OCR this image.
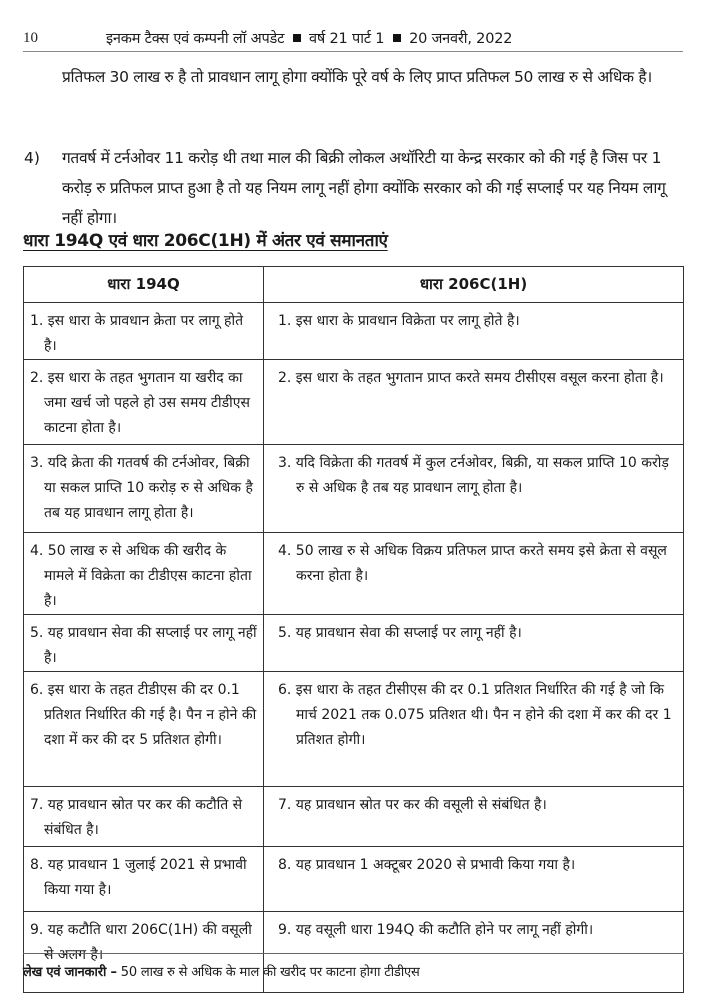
10	इनकम टैक्स एवं कम्पनी लॉ अपडेट वर्ष 21 पार्ट 1 20 जनवरी, 2022

प्रतिफल 30 लाख रु है तो प्रावधान लागू होगा क्योंकि पूरे वर्ष के लिए प्राप्त प्रतिफल 50 लाख रु से अधिक है।

4) गतवर्ष में टर्नओवर 11 करोड़ थी तथा माल की बिक्री लोकल अथॉरिटी या केन्द्र सरकार को की गई है जिस पर 1 करोड़ रु प्रतिफल प्राप्त हुआ है तो यह नियम लागू नहीं होगा क्योंकि सरकार को की गई सप्लाई पर यह नियम लागू नहीं होगा।

धारा 194Q एवं धारा 206C(1H) में अंतर एवं समानताएं
धारा 194Q	धारा 206C(1H)

1. इस धारा के प्रावधान क्रेता पर लागू होते है।	1. इस धारा के प्रावधान विक्रेता पर लागू होते है।

2. इस धारा के तहत भुगतान या खरीद का जमा खर्च जो पहले हो उस समय टीडीएस काटना होता है।	2. इस धारा के तहत भुगतान प्राप्त करते समय टीसीएस वसूल करना होता है।

3. यदि क्रेता की गतवर्ष की टर्नओवर, बिक्री या सकल प्राप्ति 10 करोड़ रु से अधिक है तब यह प्रावधान लागू होता है।	3. यदि विक्रेता की गतवर्ष में कुल टर्नओवर, बिक्री, या सकल प्राप्ति 10 करोड़ रु से अधिक है तब यह प्रावधान लागू होता है।

4. 50 लाख रु से अधिक की खरीद के मामले में विक्रेता का टीडीएस काटना होता है।	4. 50 लाख रु से अधिक विक्रय प्रतिफल प्राप्त करते समय इसे क्रेता से वसूल करना होता है।

5. यह प्रावधान सेवा की सप्लाई पर लागू नहीं है।	5. यह प्रावधान सेवा की सप्लाई पर लागू नहीं है।

6. इस धारा के तहत टीडीएस की दर 0.1 प्रतिशत निर्धारित की गई है। पैन न होने की दशा में कर की दर 5 प्रतिशत होगी।	6. इस धारा के तहत टीसीएस की दर 0.1 प्रतिशत निर्धारित की गई है जो कि मार्च 2021 तक 0.075 प्रतिशत थी। पैन न होने की दशा में कर की दर 1 प्रतिशत होगी।

7. यह प्रावधान स्रोत पर कर की कटौति से संबंधित है।	7. यह प्रावधान स्रोत पर कर की वसूली से संबंधित है।

8. यह प्रावधान 1 जुलाई 2021 से प्रभावी किया गया है।	8. यह प्रावधान 1 अक्टूबर 2020 से प्रभावी किया गया है।

9. यह कटौति धारा 206C(1H) की वसूली से अलग है।	9. यह वसूली धारा 194Q की कटौति होने पर लागू नहीं होगी।
लेख एवं जानकारी – 50 लाख रु से अधिक के माल की खरीद पर काटना होगा टीडीएस
